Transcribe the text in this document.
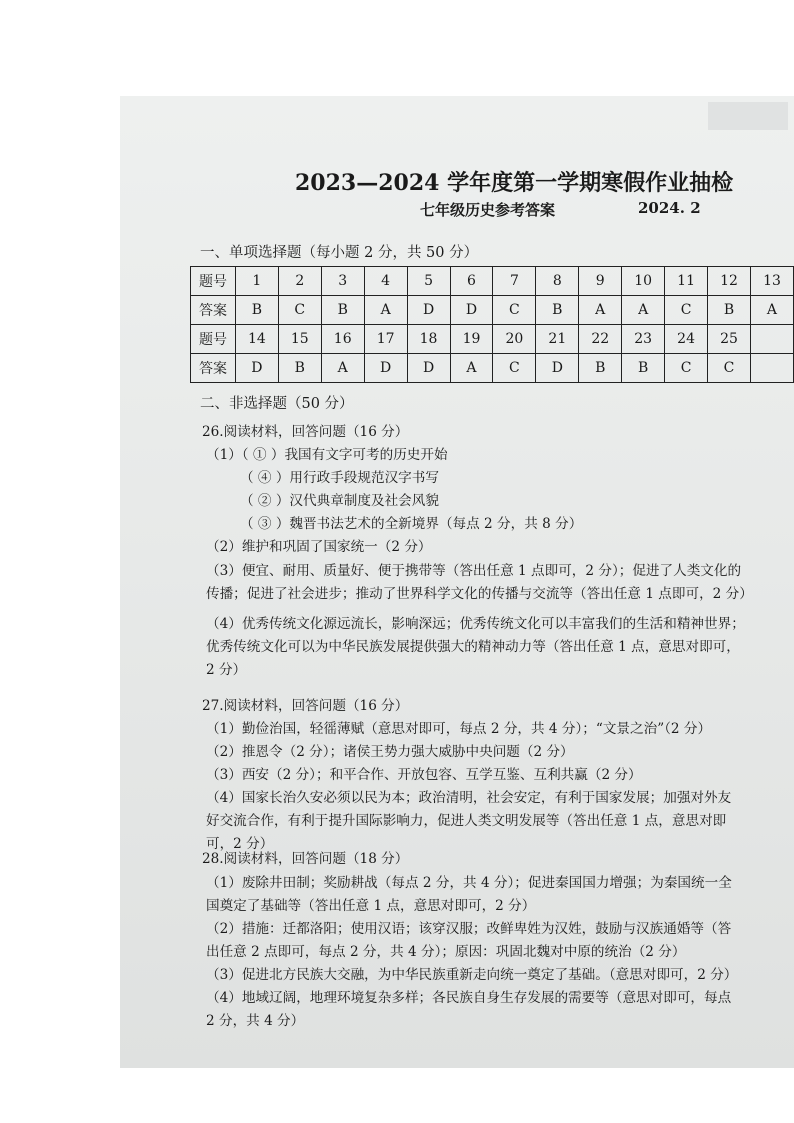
2023—2024 学年度第一学期寒假作业抽检
七年级历史参考答案	2024. 2
一、单项选择题（每小题 2 分，共 50 分）
题号	1	2	3	4	5	6	7	8	9	10	11	12	13
答案	B	C	B	A	D	D	C	B	A	A	C	B	A
题号	14	15	16	17	18	19	20	21	22	23	24	25	
答案	D	B	A	D	D	A	C	D	B	B	C	C	
二、非选择题（50 分）
26.阅读材料，回答问题（16 分）
（1）（ ① ）我国有文字可考的历史开始
（ ④ ）用行政手段规范汉字书写
（ ② ）汉代典章制度及社会风貌
（ ③ ）魏晋书法艺术的全新境界（每点 2 分，共 8 分）
（2）维护和巩固了国家统一（2 分）
（3）便宜、耐用、质量好、便于携带等（答出任意 1 点即可，2 分）；促进了人类文化的
传播；促进了社会进步；推动了世界科学文化的传播与交流等（答出任意 1 点即可，2 分）
（4）优秀传统文化源远流长，影响深远；优秀传统文化可以丰富我们的生活和精神世界；
优秀传统文化可以为中华民族发展提供强大的精神动力等（答出任意 1 点，意思对即可，
2 分）
27.阅读材料，回答问题（16 分）
（1）勤俭治国，轻徭薄赋（意思对即可，每点 2 分，共 4 分）；“文景之治”（2 分）
（2）推恩令（2 分）；诸侯王势力强大威胁中央问题（2 分）
（3）西安（2 分）；和平合作、开放包容、互学互鉴、互利共赢（2 分）
（4）国家长治久安必须以民为本；政治清明，社会安定，有利于国家发展；加强对外友
好交流合作，有利于提升国际影响力，促进人类文明发展等（答出任意 1 点，意思对即
可，2 分）
28.阅读材料，回答问题（18 分）
（1）废除井田制；奖励耕战（每点 2 分，共 4 分）；促进秦国国力增强；为秦国统一全
国奠定了基础等（答出任意 1 点，意思对即可，2 分）
（2）措施：迁都洛阳；使用汉语；该穿汉服；改鲜卑姓为汉姓，鼓励与汉族通婚等（答
出任意 2 点即可，每点 2 分，共 4 分）；原因：巩固北魏对中原的统治（2 分）
（3）促进北方民族大交融，为中华民族重新走向统一奠定了基础。（意思对即可，2 分）
（4）地域辽阔，地理环境复杂多样；各民族自身生存发展的需要等（意思对即可，每点
2 分，共 4 分）
